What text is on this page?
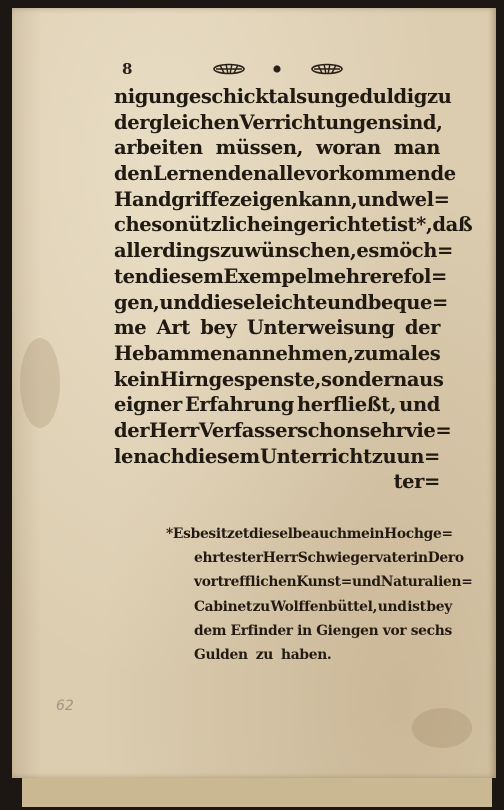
8
nig ungeschickt als ungeduldig zu
dergleichen Verrichtungen sind,
arbeiten müssen, woran man
den Lernenden alle vorkommende
Handgriffe zeigen kann, und wel=
che so nützlich eingerichtet ist *, daß
allerdings zu wünschen, es möch=
ten diesem Exempel mehrere fol=
gen, und diese leichte und beque=
me Art bey Unterweisung der
Hebammen annehmen, zumal es
kein Hirngespenste, sondern aus
eigner Erfahrung herfließt, und
der Herr Verfasser schon sehr vie=
le nach diesem Unterricht zu un=
ter=
* Es besitzet dieselbe auch mein Hochge=
ehrtester Herr Schwiegervater in Dero
vortrefflichen Kunst= und Naturalien=
Cabinet zu Wolffenbüttel, und ist bey
dem Erfinder in Giengen vor sechs
Gulden zu haben.
62
